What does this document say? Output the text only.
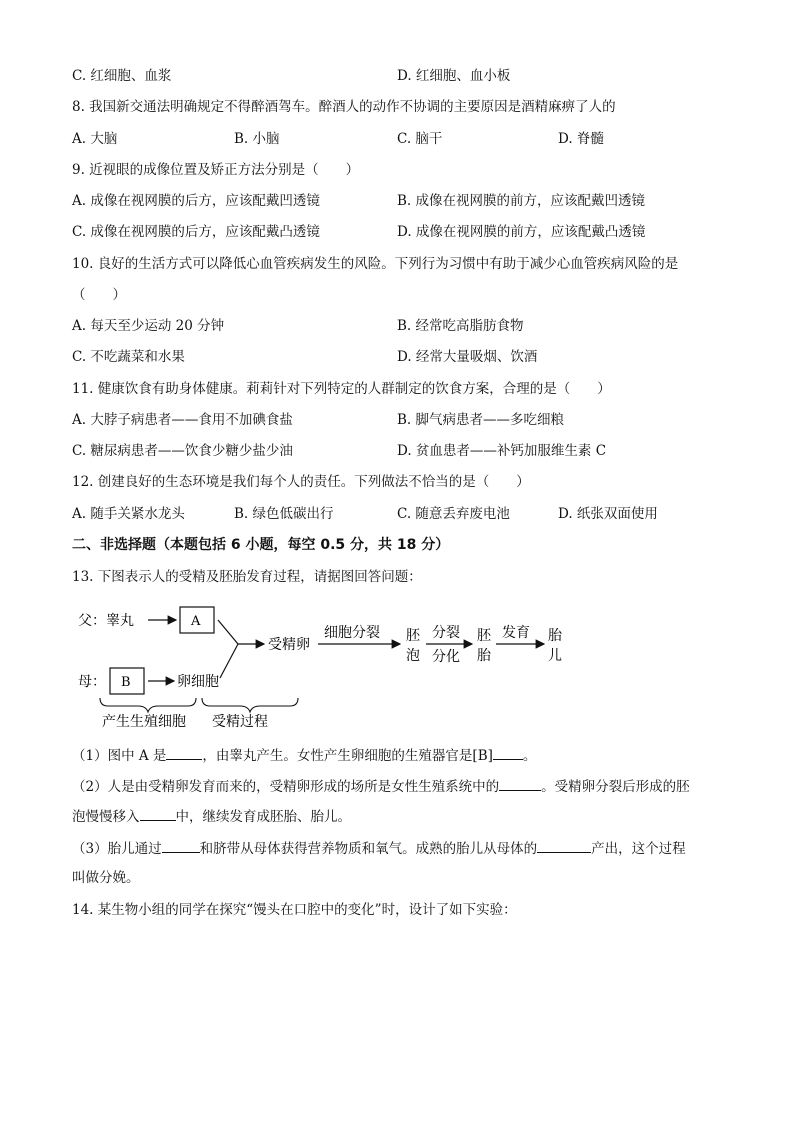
C. 红细胞、血浆	D. 红细胞、血小板
8. 我国新交通法明确规定不得醉酒驾车。醉酒人的动作不协调的主要原因是酒精麻痹了人的
A. 大脑	B. 小脑	C. 脑干	D. 脊髓
9. 近视眼的成像位置及矫正方法分别是（　　）
A. 成像在视网膜的后方，应该配戴凹透镜	B. 成像在视网膜的前方，应该配戴凹透镜
C. 成像在视网膜的后方，应该配戴凸透镜	D. 成像在视网膜的前方，应该配戴凸透镜
10. 良好的生活方式可以降低心血管疾病发生的风险。下列行为习惯中有助于减少心血管疾病风险的是
（　　）
A. 每天至少运动 20 分钟	B. 经常吃高脂肪食物
C. 不吃蔬菜和水果	D. 经常大量吸烟、饮酒
11. 健康饮食有助身体健康。莉莉针对下列特定的人群制定的饮食方案，合理的是（　　）
A. 大脖子病患者——食用不加碘食盐	B. 脚气病患者——多吃细粮
C. 糖尿病患者——饮食少糖少盐少油	D. 贫血患者——补钙加服维生素 C
12. 创建良好的生态环境是我们每个人的责任。下列做法不恰当的是（　　）
A. 随手关紧水龙头	B. 绿色低碳出行	C. 随意丢弃废电池	D. 纸张双面使用
二、非选择题（本题包括 6 小题，每空 0.5 分，共 18 分）
13. 下图表示人的受精及胚胎发育过程，请据图回答问题：
父：睾丸	A
母： B	卵细胞
受精卵
细胞分裂 胚
泡
分裂
分化
胚
胎
发育 胎
儿
产生生殖细胞 受精过程
（1）图中 A 是	，由睾丸产生。女性产生卵细胞的生殖器官是[B] 。
（2）人是由受精卵发育而来的，受精卵形成的场所是女性生殖系统中的	。受精卵分裂后形成的胚
泡慢慢移入	中，继续发育成胚胎、胎儿。
（3）胎儿通过	和脐带从母体获得营养物质和氧气。成熟的胎儿从母体的	产出，这个过程
叫做分娩。
14. 某生物小组的同学在探究“馒头在口腔中的变化”时，设计了如下实验：
